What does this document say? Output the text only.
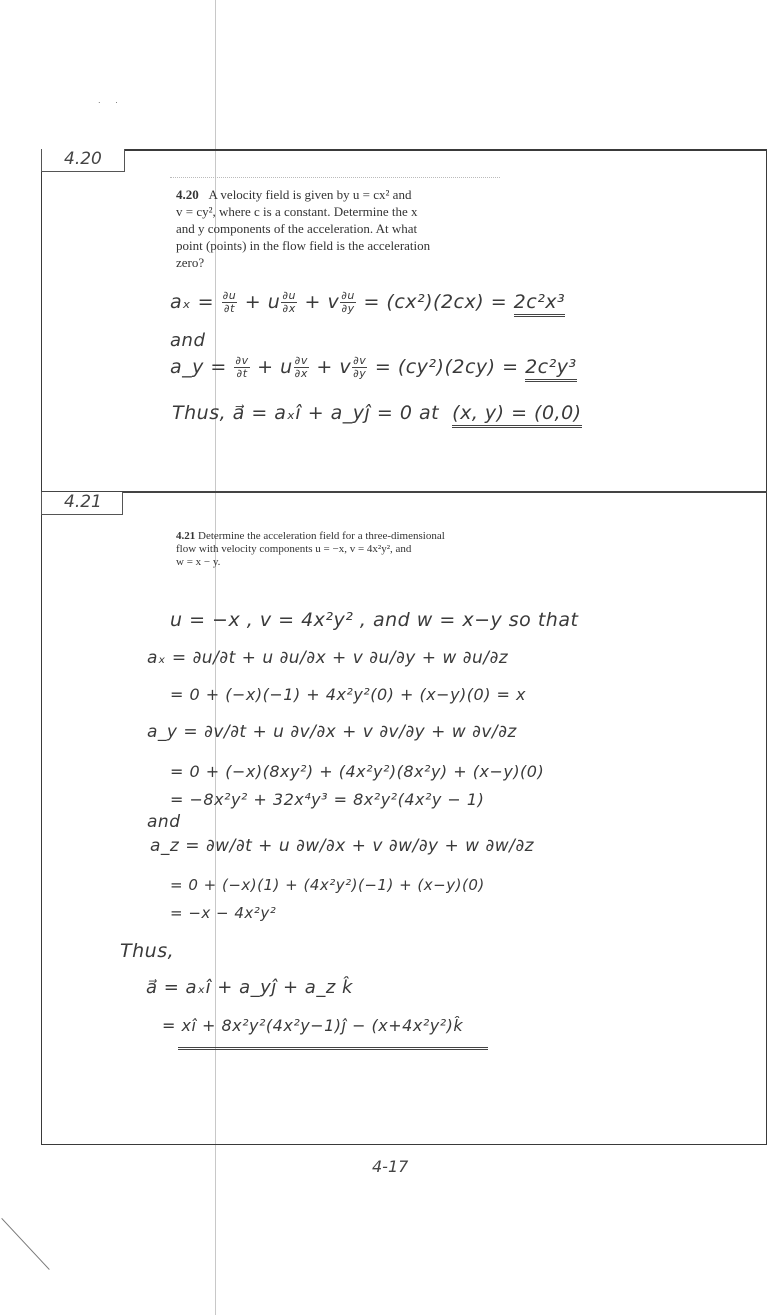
. .
4.20
4.20 A velocity field is given by u = cx² and
v = cy², where c is a constant. Determine the x
and y components of the acceleration. At what
point (points) in the flow field is the acceleration
zero?
$a_x = \frac{\partial u}{\partial t} + u \frac{\partial u}{\partial x} + v \frac{\partial u}{\partial y} = (cx^2)(2cx) = 2c^2x^3$
and
a_y = $\frac{\partial v}{\partial t} + u \frac{\partial v}{\partial x} + v \frac{\partial v}{\partial y} = (cy^2)(2cy) = 2c^2y^3$
Thus, a⃗ = aₓî + a_yĵ = 0 at (x, y) = (0,0)
4.21
4.21 Determine the acceleration field for a three-dimensional
flow with velocity components u = −x, v = 4x²y², and
w = x − y.
u = −x , v = 4x²y² , and w = x−y so that
aₓ = ∂u/∂t + u ∂u/∂x + v ∂u/∂y + w ∂u/∂z
= 0 + (−x)(−1) + 4x²y²(0) + (x−y)(0) = x
a_y = ∂v/∂t + u ∂v/∂x + v ∂v/∂y + w ∂v/∂z
= 0 + (−x)(8xy²) + (4x²y²)(8x²y) + (x−y)(0)
= −8x²y² + 32x⁴y³ = 8x²y²(4x²y − 1)
and
a_z = ∂w/∂t + u ∂w/∂x + v ∂w/∂y + w ∂w/∂z
= 0 + (−x)(1) + (4x²y²)(−1) + (x−y)(0)
= −x − 4x²y²
Thus,
a⃗ = aₓî + a_yĵ + a_z k̂
= xî + 8x²y²(4x²y−1)ĵ − (x+4x²y²)k̂
4-17
